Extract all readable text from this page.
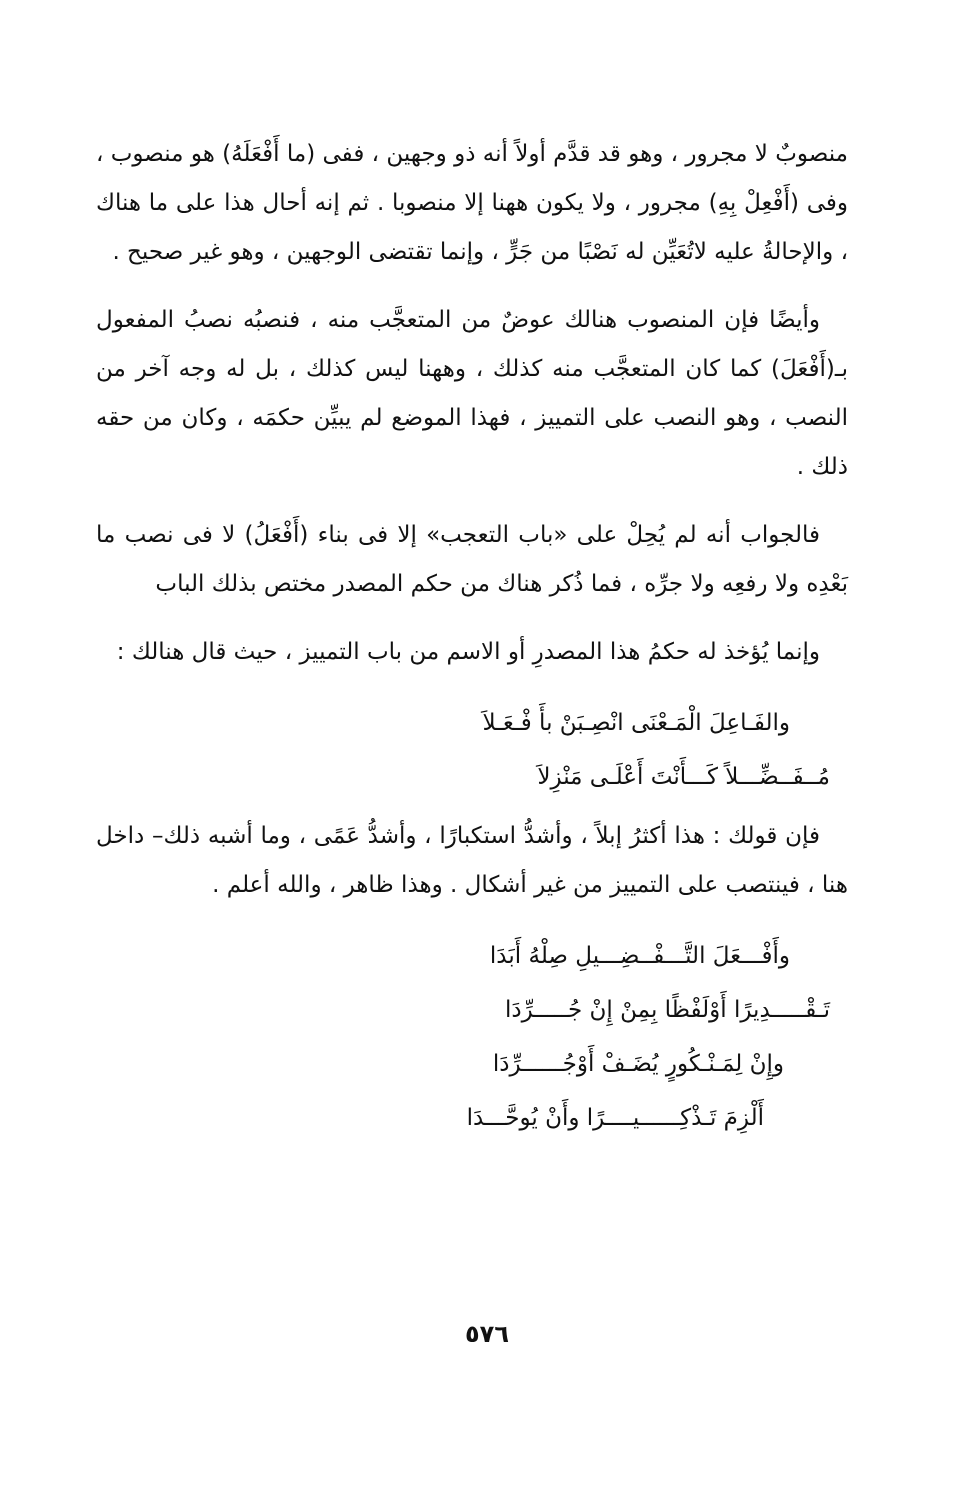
منصوبٌ لا مجرور ، وهو قد قدَّم أولاً أنه ذو وجهين ، ففى (ما أَفْعَلَهُ) هو منصوب ، وفى (أَفْعِلْ بِهِ) مجرور ، ولا يكون ههنا إلا منصوبا . ثم إنه أحال هذا على ما هناك ، والإحالةُ عليه لاتُعَيِّن له نَصْبًا من جَرٍّ ، وإنما تقتضى الوجهين ، وهو غير صحيح .

وأيضًا فإن المنصوب هنالك عوضٌ من المتعجَّب منه ، فنصبُه نصبُ المفعول بـ(أَفْعَلَ) كما كان المتعجَّب منه كذلك ، وههنا ليس كذلك ، بل له وجه آخر من النصب ، وهو النصب على التمييز ، فهذا الموضع لم يبيِّن حكمَه ، وكان من حقه ذلك .

فالجواب أنه لم يُحِلْ على «باب التعجب» إلا فى بناء (أَفْعَلُ) لا فى نصب ما بَعْدِه ولا رفعِه ولا جرِّه ، فما ذُكر هناك من حكم المصدر مختص بذلك الباب

وإنما يُؤخذ له حكمُ هذا المصدرِ أو الاسم من باب التمييز ، حيث قال هنالك :

والفَـاعِلَ الْمَـعْنَى انْصِـبَنْ بأَ فْـعَـلاَ
مُــفَــضِّـــلاً كَـــأَنْتَ أَعْلَـى مَنْزِلاَ

فإن قولك : هذا أكثرُ إبلاً ، وأشدُّ استكبارًا ، وأشدُّ عَمًى ، وما أشبه ذلك– داخل هنا ، فينتصب على التمييز من غير أشكال . وهذا ظاهر ، والله أعلم .

وأَفْـــعَلَ التَّـــفْــضِـــيلِ صِلْهُ أَبَدَا
تَـقْـــــدِيرًا أَوْلَفْظًا بِمِنْ إِنْ جُـــــرِّدَا
وإِنْ لِمَـنْـكُورٍ يُضَـفْ أَوْجُــــــرِّدَا
أَلْزِمَ تَـذْكِــــــيــــرًا وأَنْ يُوحَّـــدَا
٥٧٦
